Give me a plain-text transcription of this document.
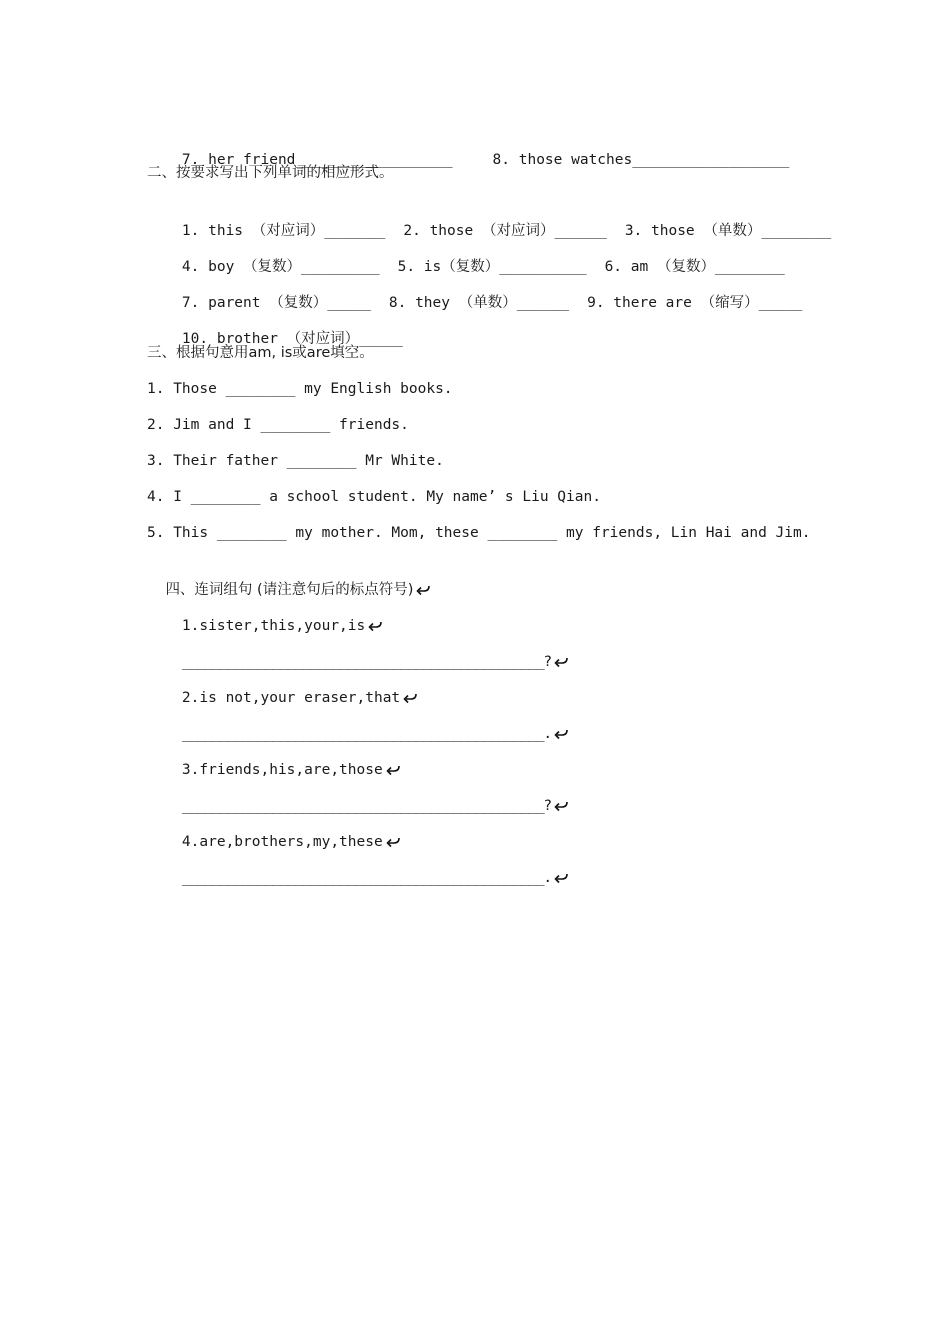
7. her friend__________________	8. those watches__________________

二、按要求写出下列单词的相应形式。

1. this （对应词）_______ 2. those （对应词）______ 3. those （单数）________

4. boy （复数）_________ 5. is（复数）__________ 6. am （复数）________

7. parent （复数）_____ 8. they （单数）______ 9. there are （缩写）_____

10. brother （对应词）_____

三、根据句意用am, is或are填空。
1. Those ________ my English books.
2. Jim and I ________ friends.
3. Their father ________ Mr White.
4. I ________ a school student. My name’ s Liu Qian.
5. This ________ my mother. Mom, these ________ my friends, Lin Hai and Jim.

四、连词组句 (请注意句后的标点符号)

1.sister,this,your,is

________________________________________________?

2.is not,your eraser,that

________________________________________________.

3.friends,his,are,those

________________________________________________?

4.are,brothers,my,these

________________________________________________.
